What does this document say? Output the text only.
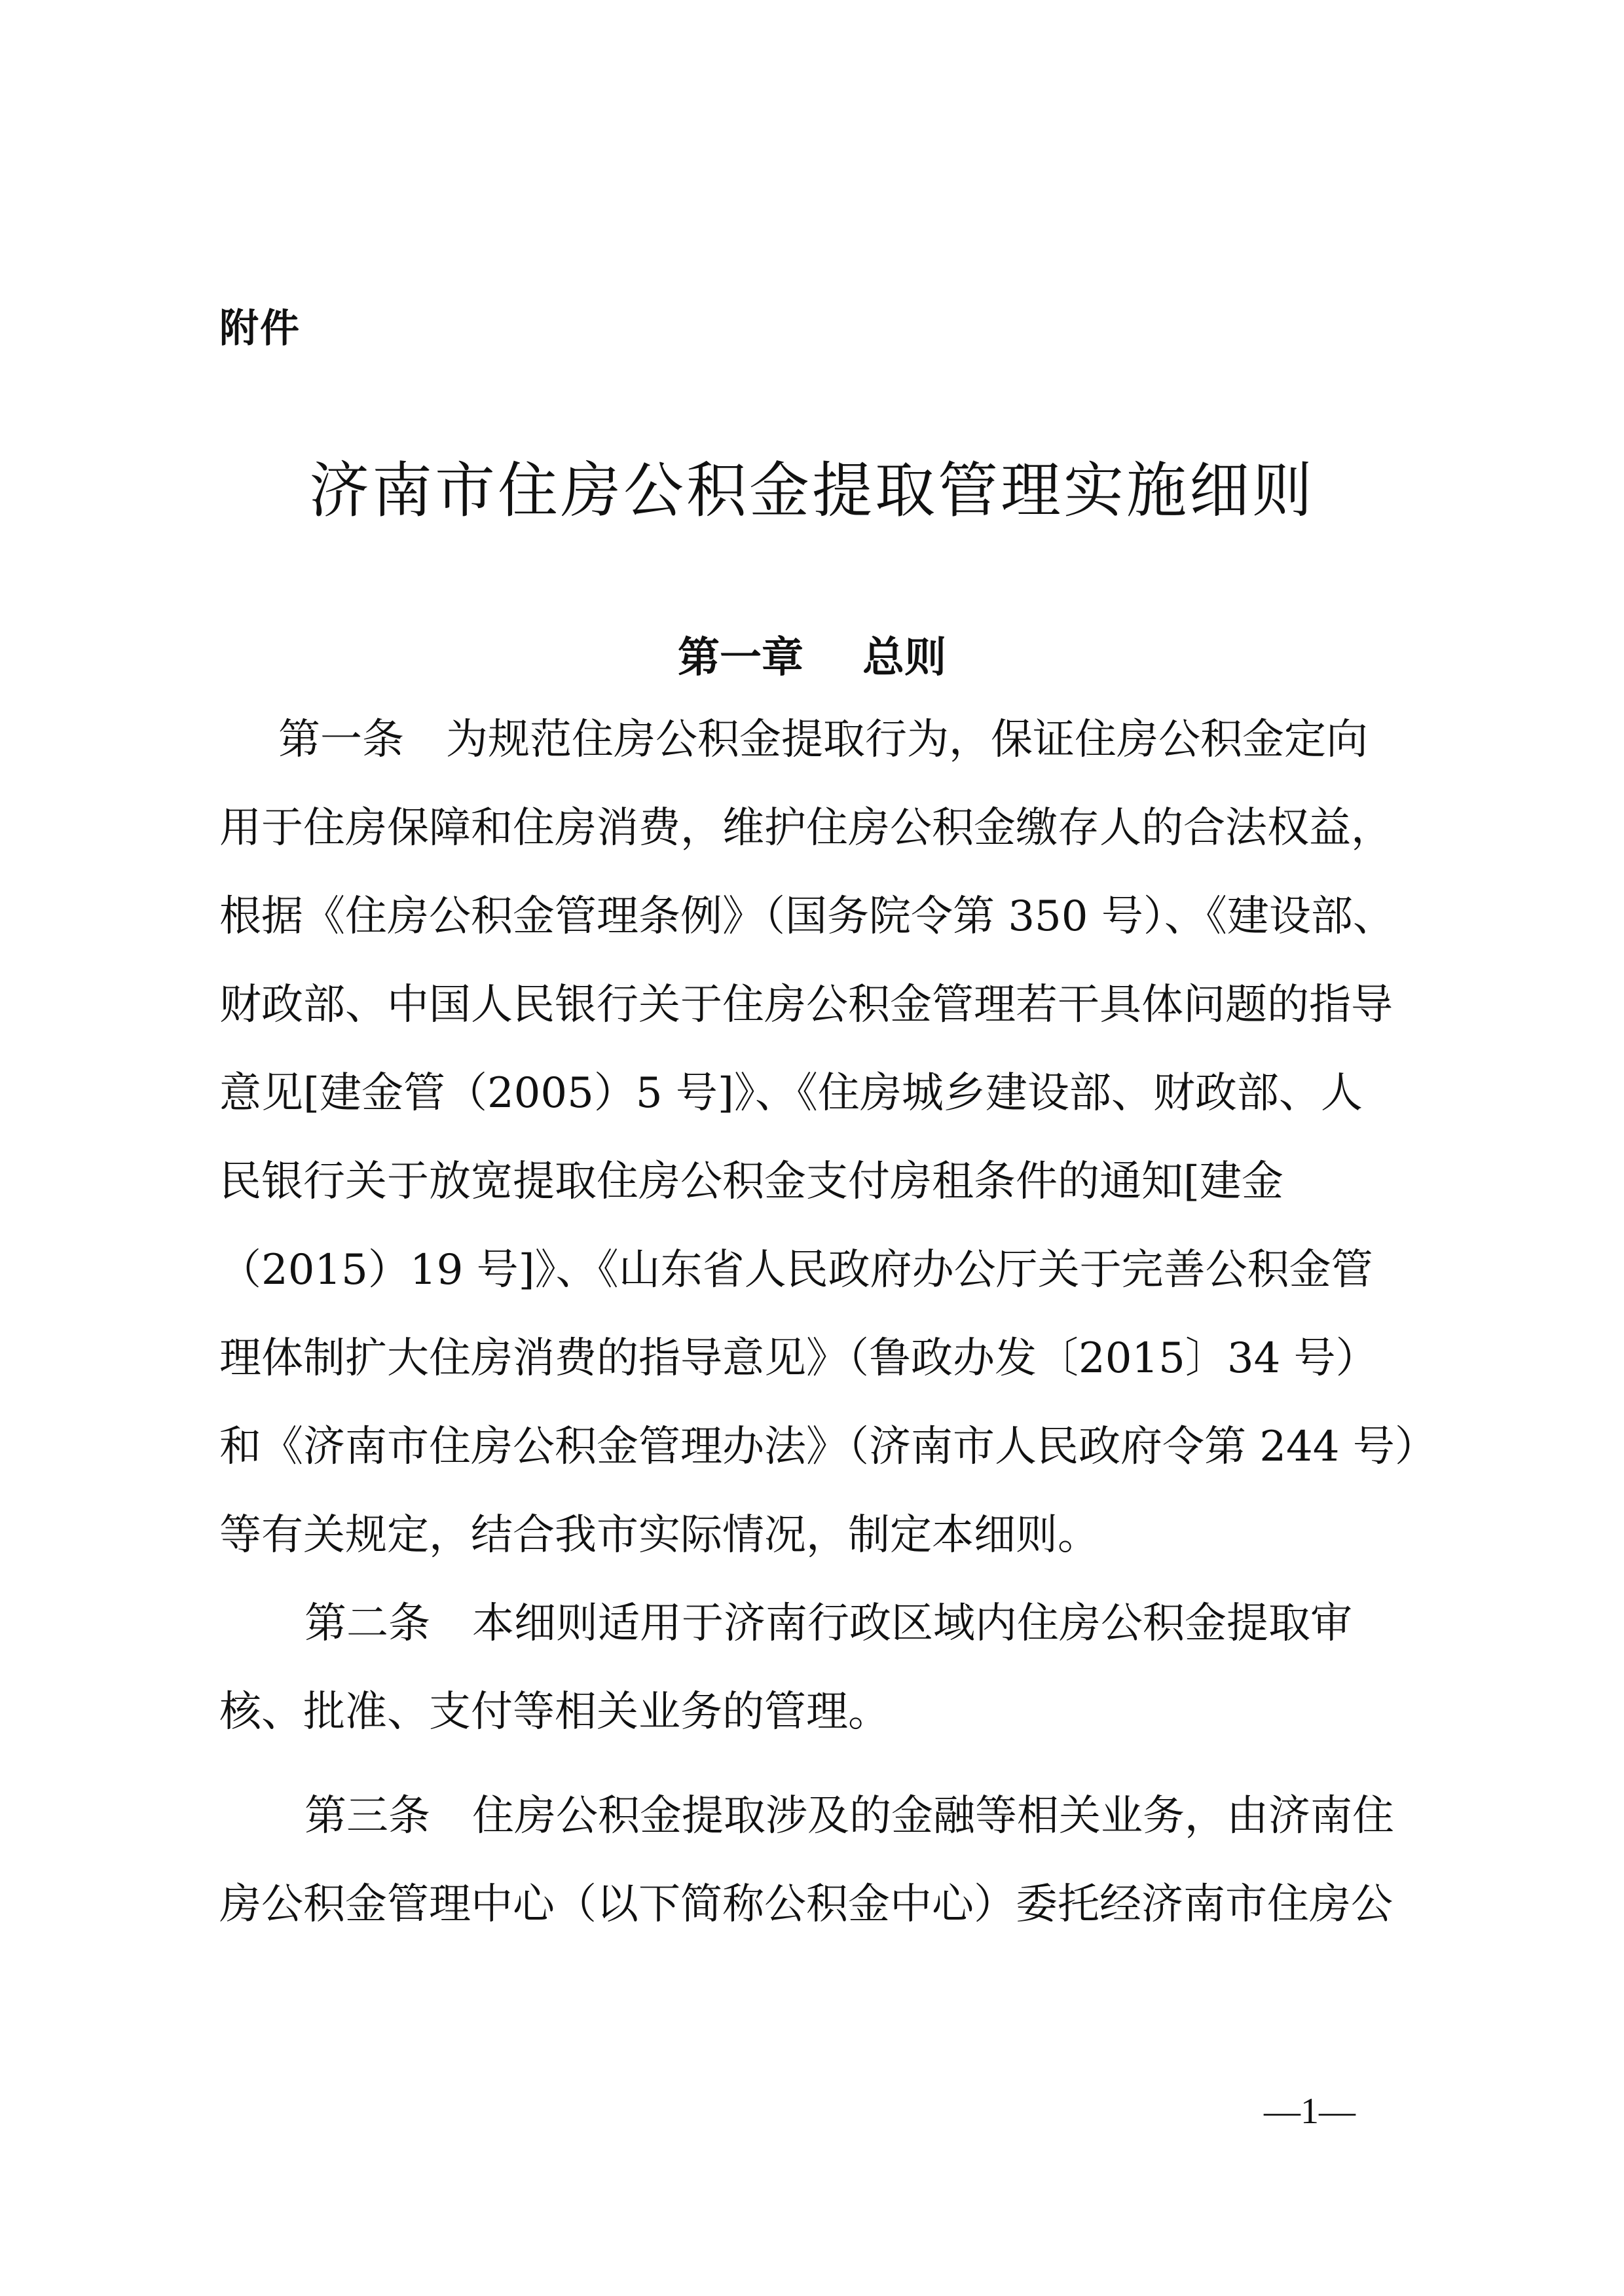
附件
济南市住房公积金提取管理实施细则
第一章 总则
第一条　为规范住房公积金提取行为，保证住房公积金定向
用于住房保障和住房消费，维护住房公积金缴存人的合法权益，
根据《住房公积金管理条例》（国务院令第 350 号）、《建设部、
财政部、中国人民银行关于住房公积金管理若干具体问题的指导
意见[建金管（2005）5 号]》、《住房城乡建设部、财政部、人
民银行关于放宽提取住房公积金支付房租条件的通知[建金
（2015）19 号]》、《山东省人民政府办公厅关于完善公积金管
理体制扩大住房消费的指导意见》（鲁政办发〔2015〕34 号）
和《济南市住房公积金管理办法》（济南市人民政府令第 244 号）
等有关规定，结合我市实际情况，制定本细则。
第二条　本细则适用于济南行政区域内住房公积金提取审
核、批准、支付等相关业务的管理。
第三条　住房公积金提取涉及的金融等相关业务，由济南住
房公积金管理中心（以下简称公积金中心）委托经济南市住房公
—1—
